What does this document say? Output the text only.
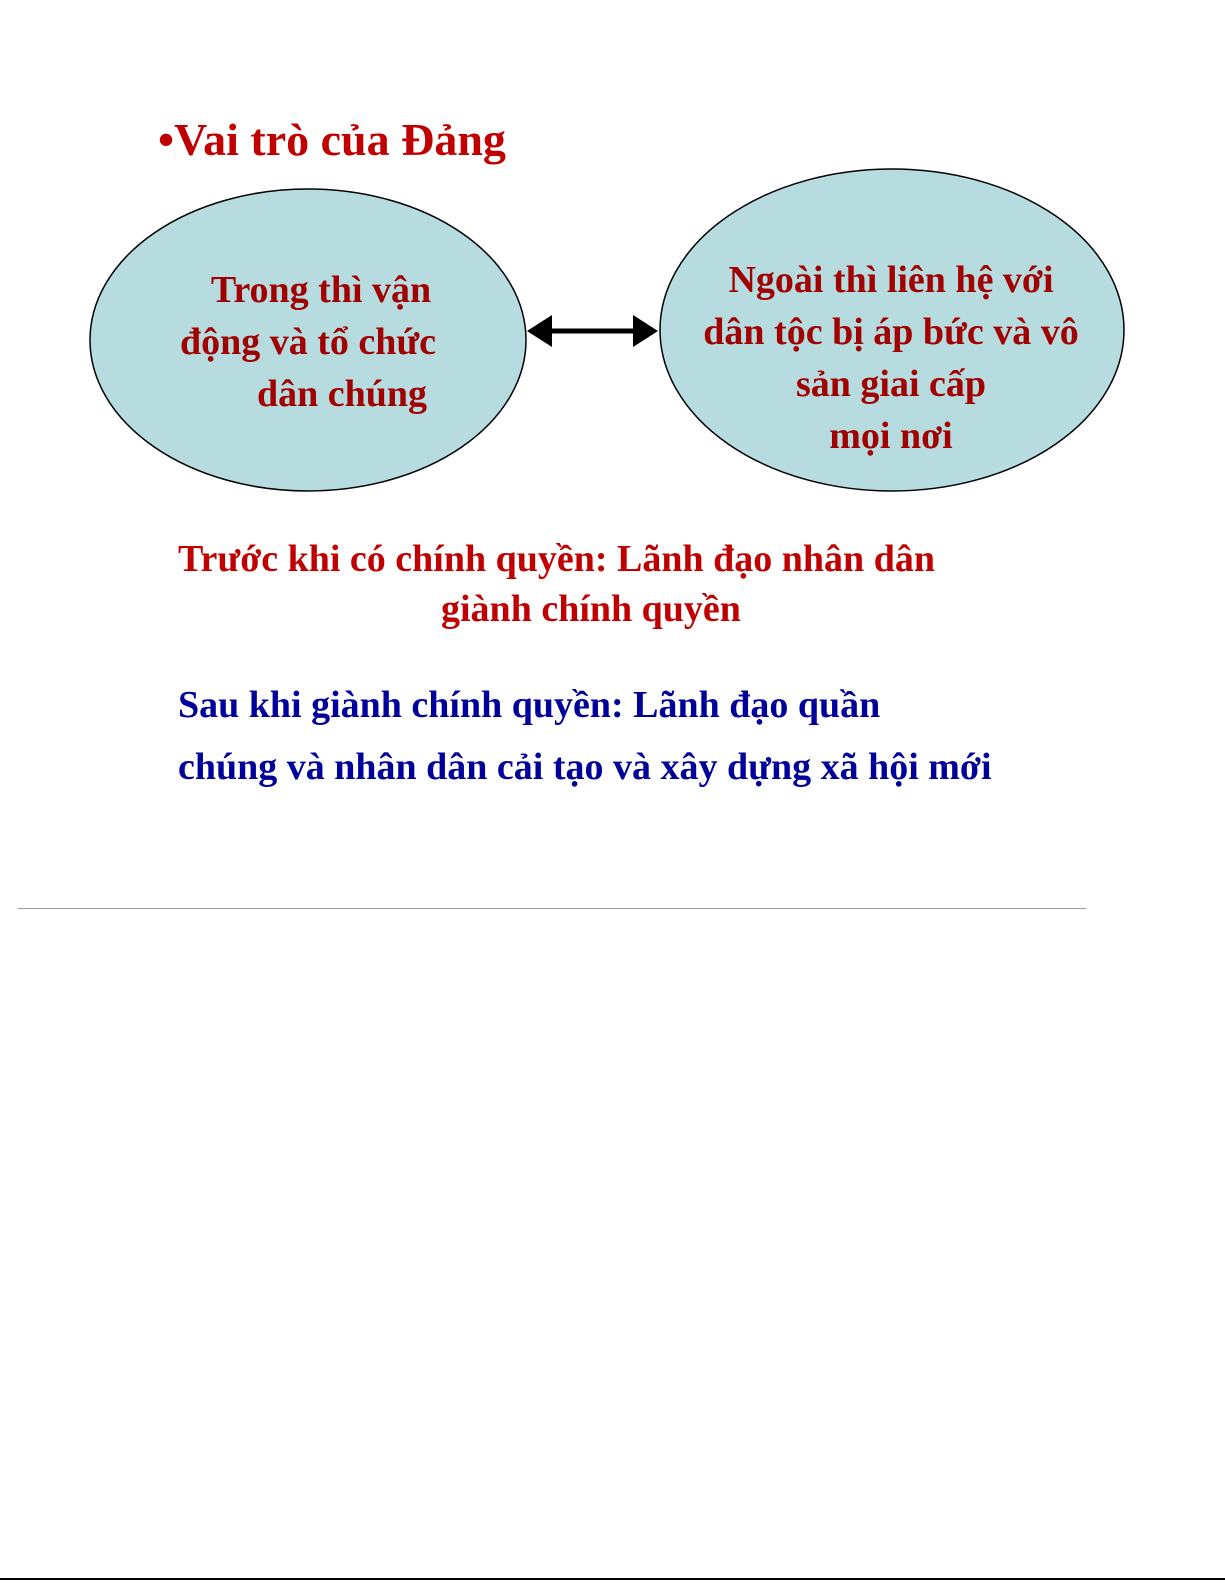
•Vai trò của Đảng
Trong thì vận
động và tổ chức
dân chúng
Ngoài thì liên hệ với
dân tộc bị áp bức và vô
sản giai cấp
mọi nơi
Trước khi có chính quyền: Lãnh đạo nhân dân
giành chính quyền
Sau khi giành chính quyền: Lãnh đạo quần
chúng và nhân dân cải tạo và xây dựng xã hội mới
